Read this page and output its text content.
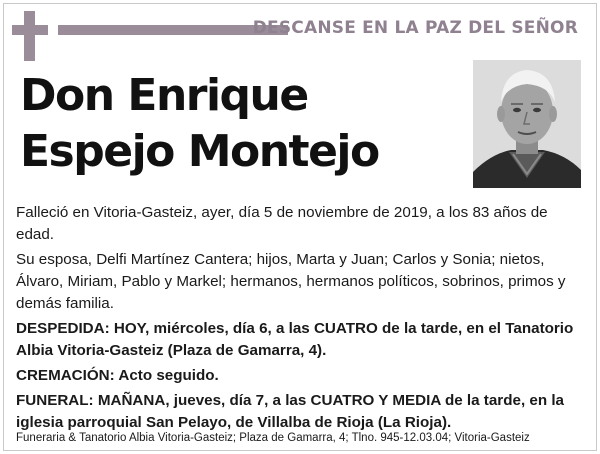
DESCANSE EN LA PAZ DEL SEÑOR
Don Enrique
Espejo Montejo

Falleció en Vitoria-Gasteiz, ayer, día 5 de noviembre de 2019, a los 83 años de edad.

Su esposa, Delfi Martínez Cantera; hijos, Marta y Juan; Carlos y Sonia; nietos, Álvaro, Miriam, Pablo y Markel; hermanos, hermanos políticos, sobrinos, primos y demás familia.

DESPEDIDA: HOY, miércoles, día 6, a las CUATRO de la tarde, en el Tanatorio Albia Vitoria-Gasteiz (Plaza de Gamarra, 4).

CREMACIÓN: Acto seguido.

FUNERAL: MAÑANA, jueves, día 7, a las CUATRO Y MEDIA de la tarde, en la iglesia parroquial San Pelayo, de Villalba de Rioja (La Rioja).

Funeraria & Tanatorio Albia Vitoria-Gasteiz; Plaza de Gamarra, 4; Tlno. 945-12.03.04; Vitoria-Gasteiz
